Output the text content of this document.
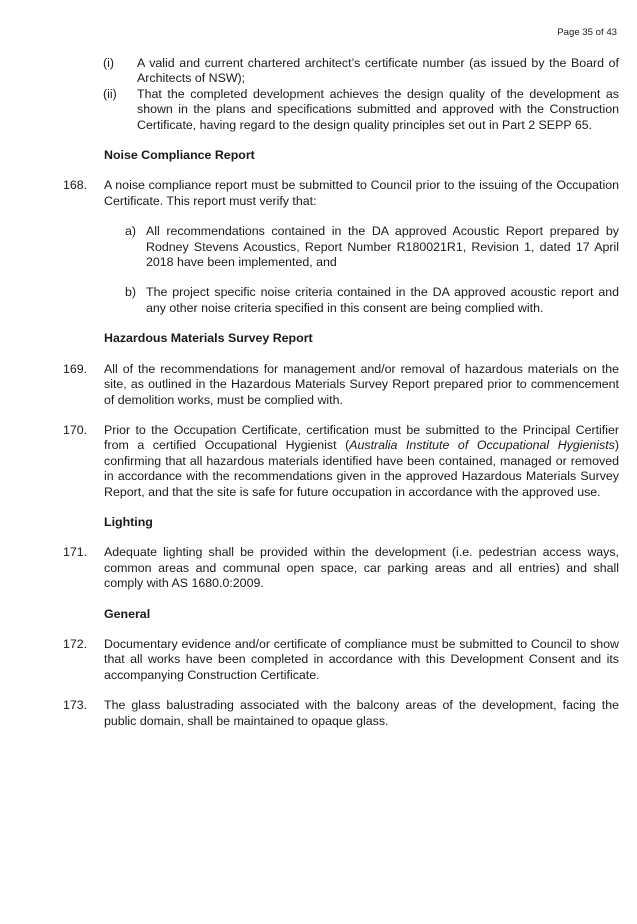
Page 35 of 43
(i)	A valid and current chartered architect’s certificate number (as issued by the Board of Architects of NSW);
(ii)	That the completed development achieves the design quality of the development as shown in the plans and specifications submitted and approved with the Construction Certificate, having regard to the design quality principles set out in Part 2 SEPP 65.
Noise Compliance Report
168.	A noise compliance report must be submitted to Council prior to the issuing of the Occupation Certificate. This report must verify that:
a) All recommendations contained in the DA approved Acoustic Report prepared by Rodney Stevens Acoustics, Report Number R180021R1, Revision 1, dated 17 April 2018 have been implemented, and
b) The project specific noise criteria contained in the DA approved acoustic report and any other noise criteria specified in this consent are being complied with.
Hazardous Materials Survey Report
169.	All of the recommendations for management and/or removal of hazardous materials on the site, as outlined in the Hazardous Materials Survey Report prepared prior to commencement of demolition works, must be complied with.
170.	Prior to the Occupation Certificate, certification must be submitted to the Principal Certifier from a certified Occupational Hygienist (Australia Institute of Occupational Hygienists) confirming that all hazardous materials identified have been contained, managed or removed in accordance with the recommendations given in the approved Hazardous Materials Survey Report, and that the site is safe for future occupation in accordance with the approved use.
Lighting
171.	Adequate lighting shall be provided within the development (i.e. pedestrian access ways, common areas and communal open space, car parking areas and all entries) and shall comply with AS 1680.0:2009.
General
172.	Documentary evidence and/or certificate of compliance must be submitted to Council to show that all works have been completed in accordance with this Development Consent and its accompanying Construction Certificate.
173.	The glass balustrading associated with the balcony areas of the development, facing the public domain, shall be maintained to opaque glass.
